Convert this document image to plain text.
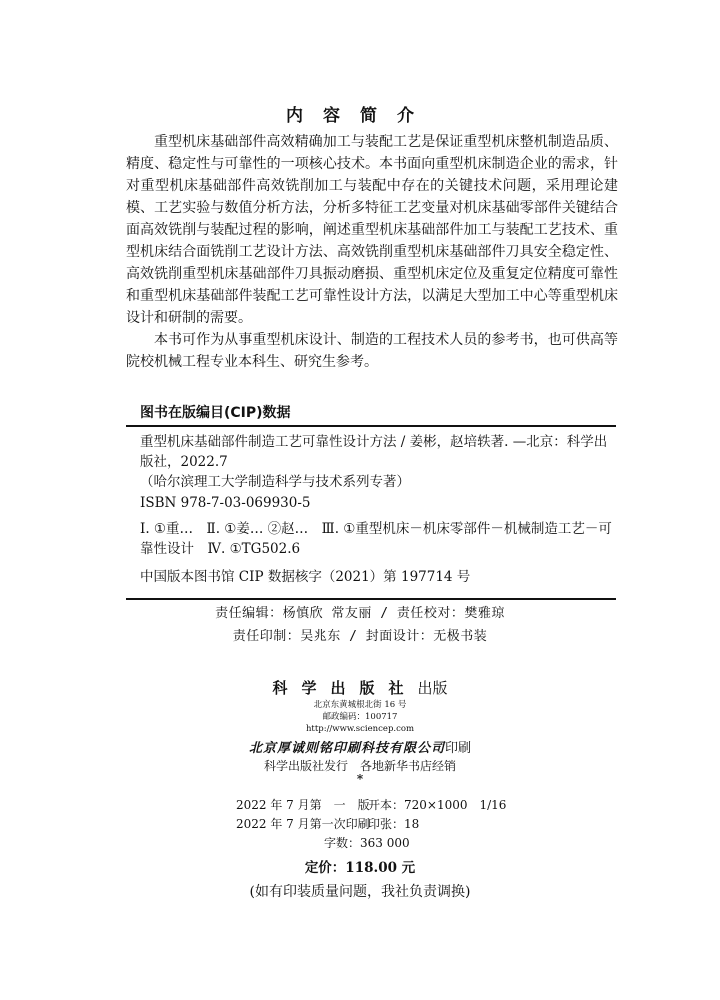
内容简介

重型机床基础部件高效精确加工与装配工艺是保证重型机床整机制造品质、精度、稳定性与可靠性的一项核心技术。本书面向重型机床制造企业的需求，针对重型机床基础部件高效铣削加工与装配中存在的关键技术问题，采用理论建模、工艺实验与数值分析方法，分析多特征工艺变量对机床基础零部件关键结合面高效铣削与装配过程的影响，阐述重型机床基础部件加工与装配工艺技术、重型机床结合面铣削工艺设计方法、高效铣削重型机床基础部件刀具安全稳定性、高效铣削重型机床基础部件刀具振动磨损、重型机床定位及重复定位精度可靠性和重型机床基础部件装配工艺可靠性设计方法，以满足大型加工中心等重型机床设计和研制的需要。

本书可作为从事重型机床设计、制造的工程技术人员的参考书，也可供高等院校机械工程专业本科生、研究生参考。

图书在版编目(CIP)数据
重型机床基础部件制造工艺可靠性设计方法 / 姜彬，赵培轶著. —北京：科学出版社，2022.7
（哈尔滨理工大学制造科学与技术系列专著）
ISBN 978-7-03-069930-5
Ⅰ. ①重…　Ⅱ. ①姜… ②赵…　Ⅲ. ①重型机床－机床零部件－机械制造工艺－可靠性设计　Ⅳ. ①TG502.6
中国版本图书馆 CIP 数据核字（2021）第 197714 号
责任编辑：杨慎欣 常友丽 / 责任校对：樊雅琼
责任印制：吴兆东 / 封面设计：无极书装
科学出版社出版
北京东黄城根北街 16 号
邮政编码：100717
http://www.sciencep.com
北京厚诚则铭印刷科技有限公司印刷
科学出版社发行　各地新华书店经销
*
2022 年 7 月第　一　版
开本：720×1000　1/16
2022 年 7 月第一次印刷
印张：18
字数：363 000
定价：118.00 元
(如有印装质量问题，我社负责调换)
